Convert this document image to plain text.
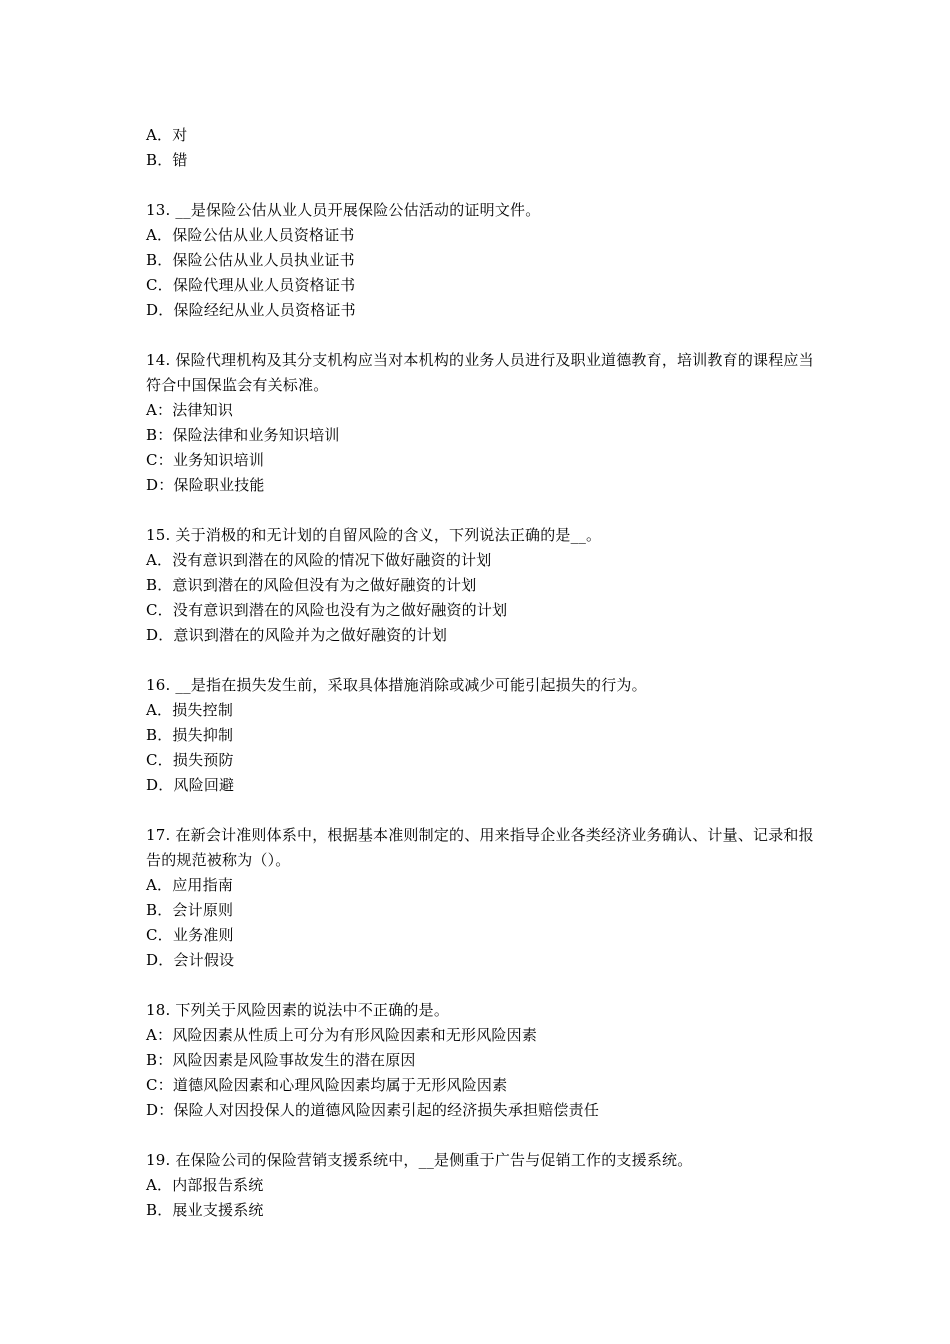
A．对
B．错
13. __是保险公估从业人员开展保险公估活动的证明文件。
A．保险公估从业人员资格证书
B．保险公估从业人员执业证书
C．保险代理从业人员资格证书
D．保险经纪从业人员资格证书
14. 保险代理机构及其分支机构应当对本机构的业务人员进行及职业道德教育，培训教育的课程应当符合中国保监会有关标准。
A：法律知识
B：保险法律和业务知识培训
C：业务知识培训
D：保险职业技能
15. 关于消极的和无计划的自留风险的含义，下列说法正确的是__。
A．没有意识到潜在的风险的情况下做好融资的计划
B．意识到潜在的风险但没有为之做好融资的计划
C．没有意识到潜在的风险也没有为之做好融资的计划
D．意识到潜在的风险并为之做好融资的计划
16. __是指在损失发生前，采取具体措施消除或减少可能引起损失的行为。
A．损失控制
B．损失抑制
C．损失预防
D．风险回避
17. 在新会计准则体系中，根据基本准则制定的、用来指导企业各类经济业务确认、计量、记录和报告的规范被称为（）。
A．应用指南
B．会计原则
C．业务准则
D．会计假设
18. 下列关于风险因素的说法中不正确的是。
A：风险因素从性质上可分为有形风险因素和无形风险因素
B：风险因素是风险事故发生的潜在原因
C：道德风险因素和心理风险因素均属于无形风险因素
D：保险人对因投保人的道德风险因素引起的经济损失承担赔偿责任
19. 在保险公司的保险营销支援系统中，__是侧重于广告与促销工作的支援系统。
A．内部报告系统
B．展业支援系统
